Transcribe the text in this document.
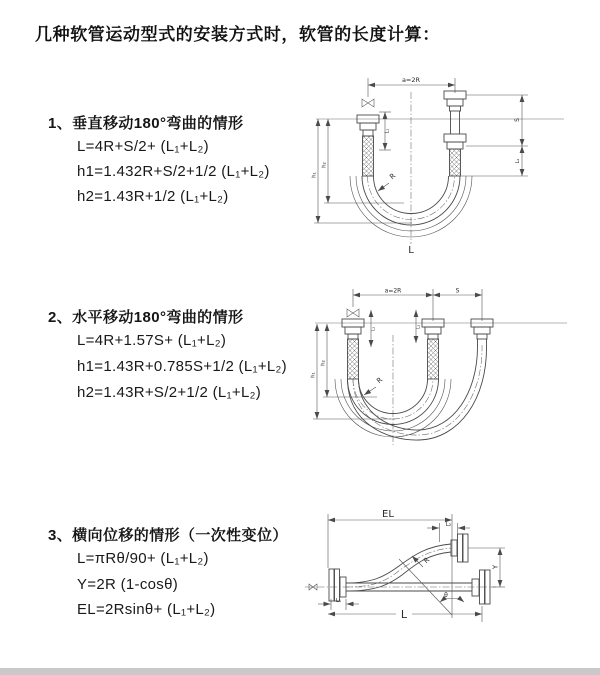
几种软管运动型式的安装方式时，软管的长度计算：
1、垂直移动180°弯曲的情形
L=4R+S/2+ (L₁+L₂)
h1=1.432R+S/2+1/2 (L₁+L₂)
h2=1.43R+1/2 (L₁+L₂)
2、水平移动180°弯曲的情形
L=4R+1.57S+ (L₁+L₂)
h1=1.43R+0.785S+1/2 (L₁+L₂)
h2=1.43R+S/2+1/2 (L₁+L₂)
3、横向位移的情形（一次性变位）
L=πRθ/90+ (L₁+L₂)
Y=2R (1-cosθ)
EL=2Rsinθ+ (L₁+L₂)
a=2R
h₁
h₂
L₁
S
L₂
R
L
a=2R	S
h₁
h₂
L₁	L₂
R
EL
L₂
Y
θ
R
L
L₁
